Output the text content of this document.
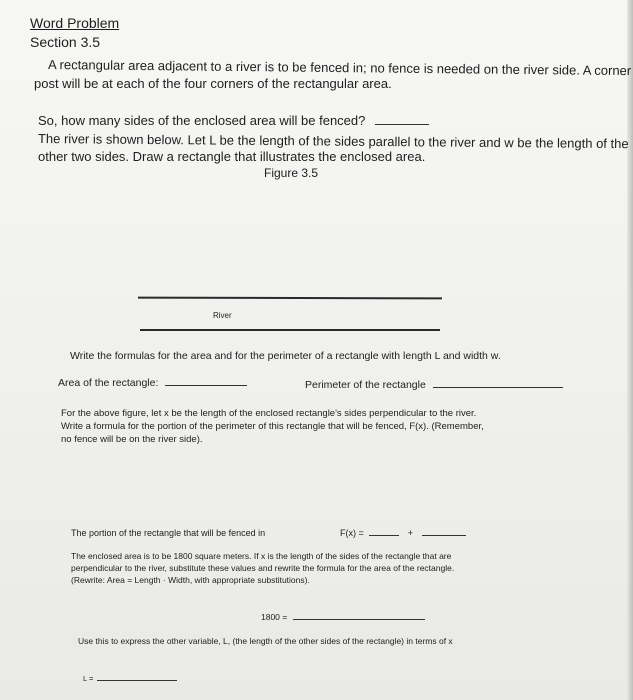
Word Problem
Section 3.5
A rectangular area adjacent to a river is to be fenced in; no fence is needed on the river side. A corner
post will be at each of the four corners of the rectangular area.
So, how many sides of the enclosed area will be fenced?
The river is shown below. Let L be the length of the sides parallel to the river and w be the length of the
other two sides. Draw a rectangle that illustrates the enclosed area.
Figure 3.5
River
Write the formulas for the area and for the perimeter of a rectangle with length L and width w.
Area of the rectangle:	Perimeter of the rectangle
For the above figure, let x be the length of the enclosed rectangle's sides perpendicular to the river.
Write a formula for the portion of the perimeter of this rectangle that will be fenced, F(x). (Remember,
no fence will be on the river side).
The portion of the rectangle that will be fenced in	F(x) =	+
The enclosed area is to be 1800 square meters. If x is the length of the sides of the rectangle that are
perpendicular to the river, substitute these values and rewrite the formula for the area of the rectangle.
(Rewrite: Area = Length · Width, with appropriate substitutions).
1800 =
Use this to express the other variable, L, (the length of the other sides of the rectangle) in terms of x
L =
